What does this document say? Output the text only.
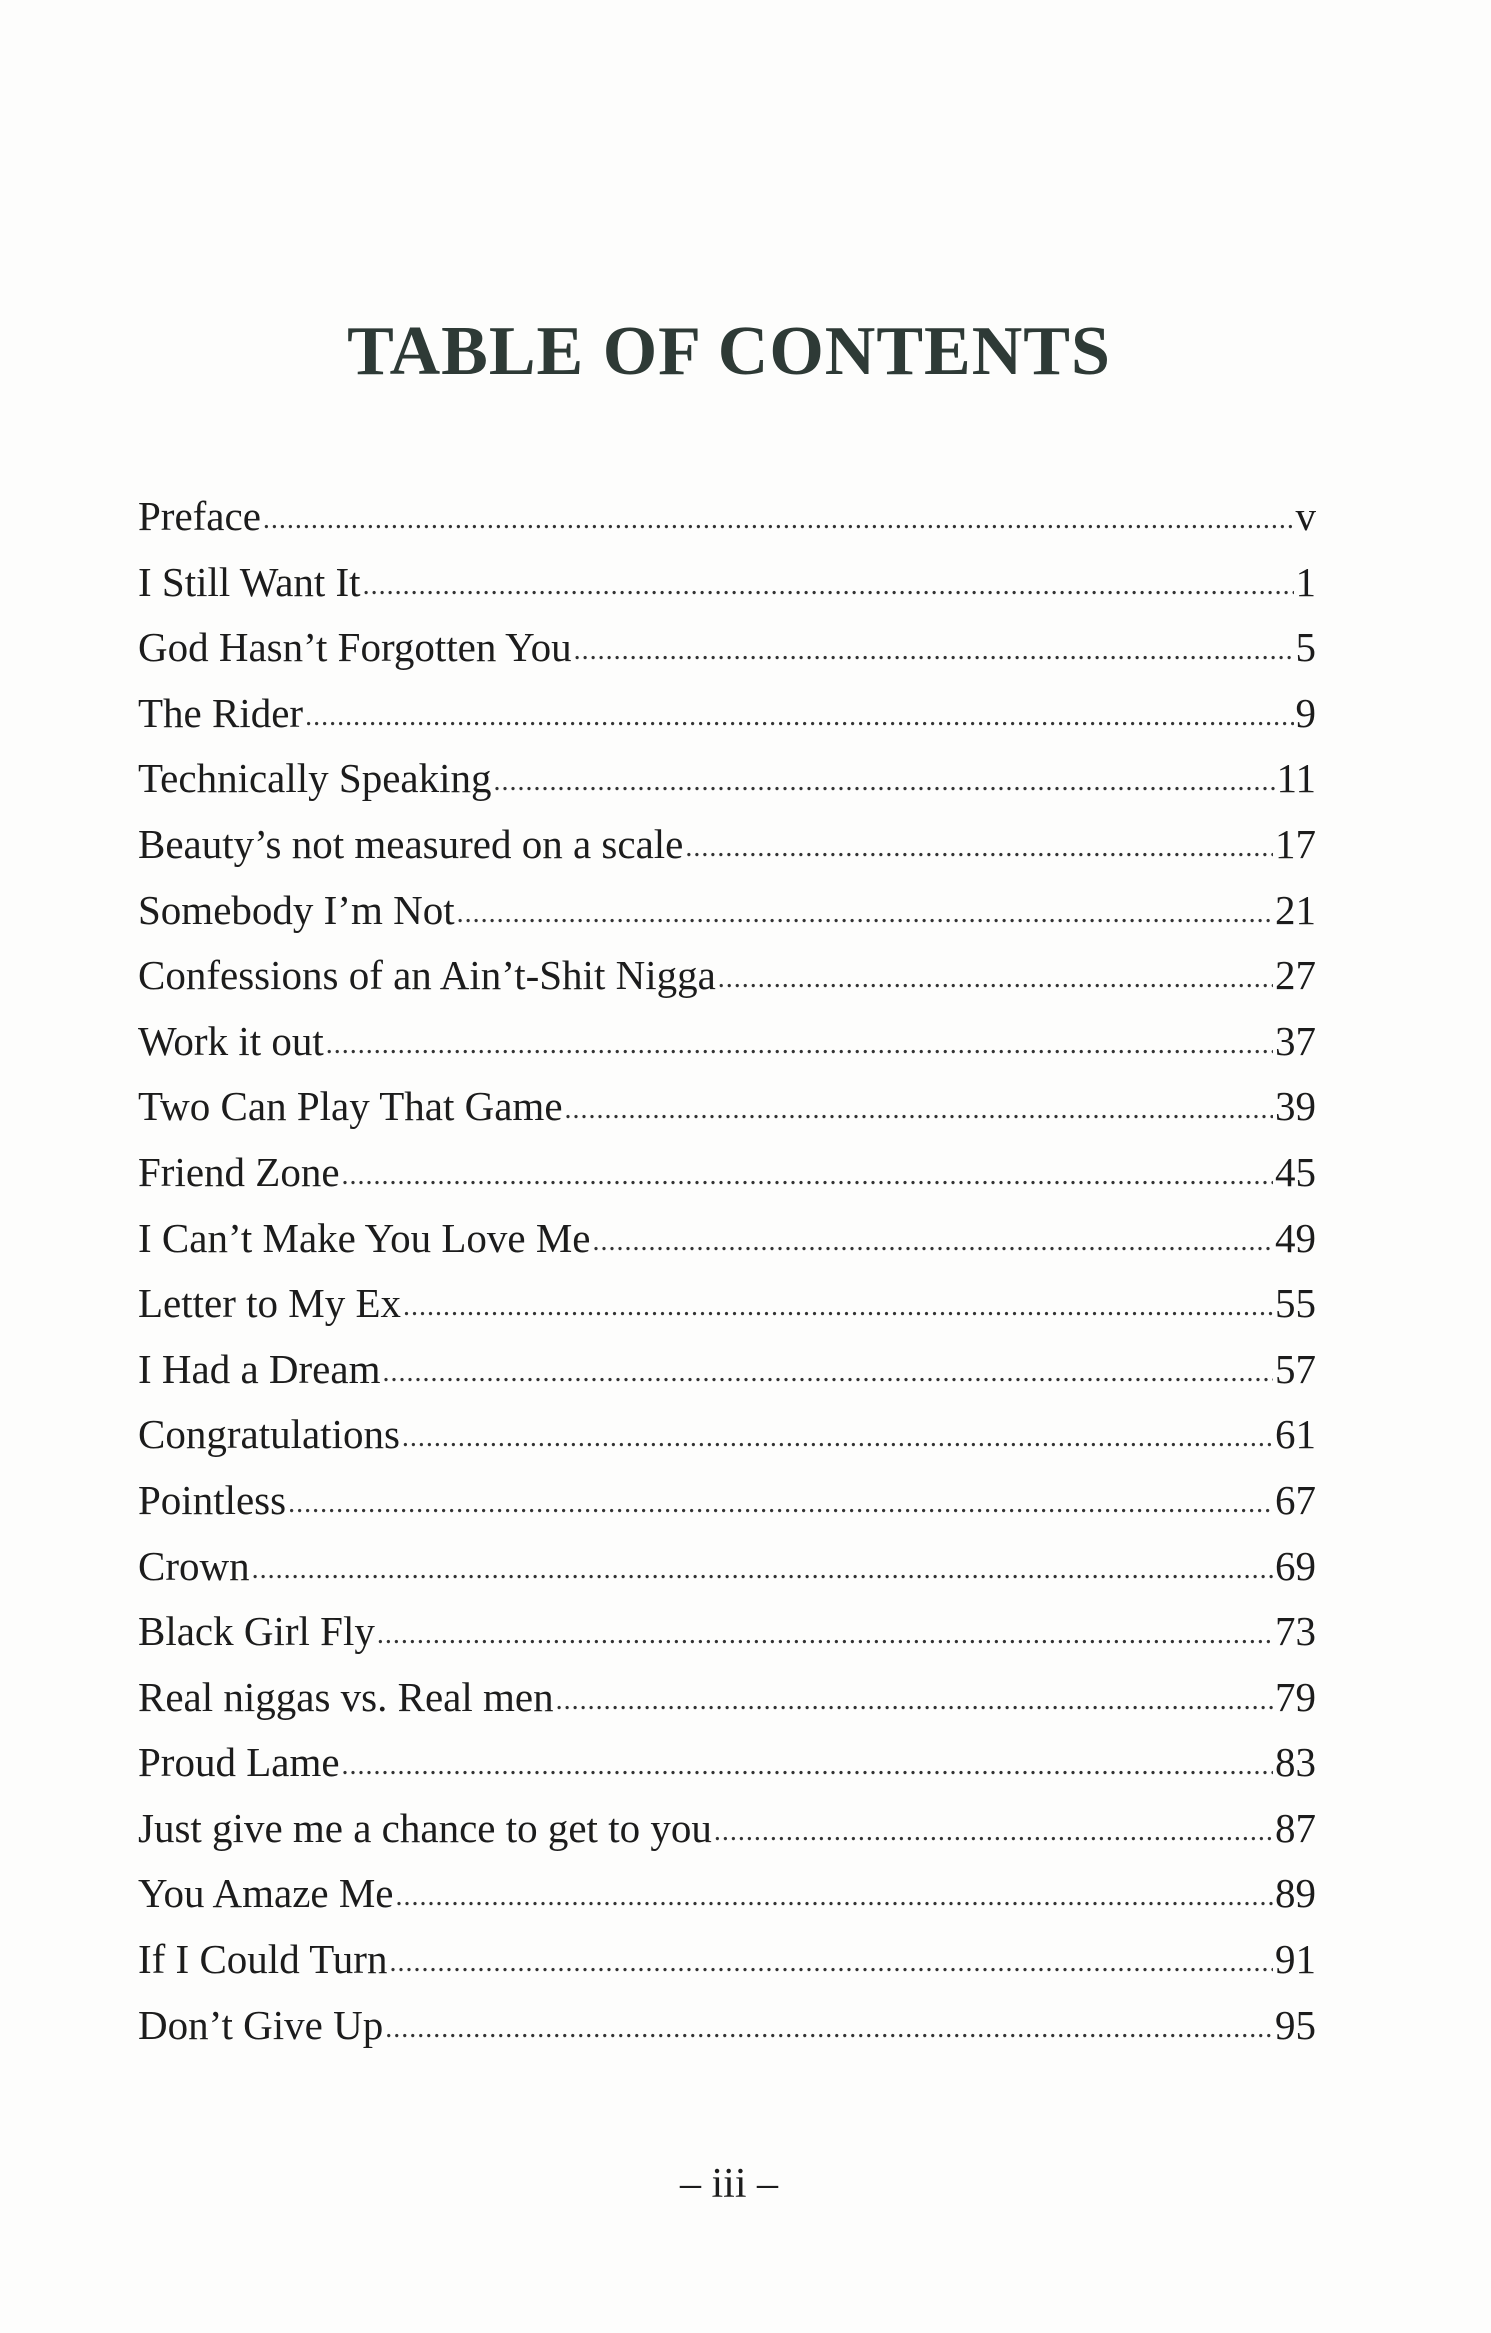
TABLE OF CONTENTS
Preface .....	v
I Still Want It .....	1
God Hasn’t Forgotten You .....	5
The Rider .....	9
Technically Speaking .....	11
Beauty’s not measured on a scale .....	17
Somebody I’m Not .....	21
Confessions of an Ain’t-Shit Nigga .....	27
Work it out .....	37
Two Can Play That Game .....	39
Friend Zone .....	45
I Can’t Make You Love Me .....	49
Letter to My Ex .....	55
I Had a Dream .....	57
Congratulations .....	61
Pointless .....	67
Crown .....	69
Black Girl Fly .....	73
Real niggas vs. Real men .....	79
Proud Lame .....	83
Just give me a chance to get to you .....	87
You Amaze Me .....	89
If I Could Turn .....	91
Don’t Give Up .....	95
– iii –
